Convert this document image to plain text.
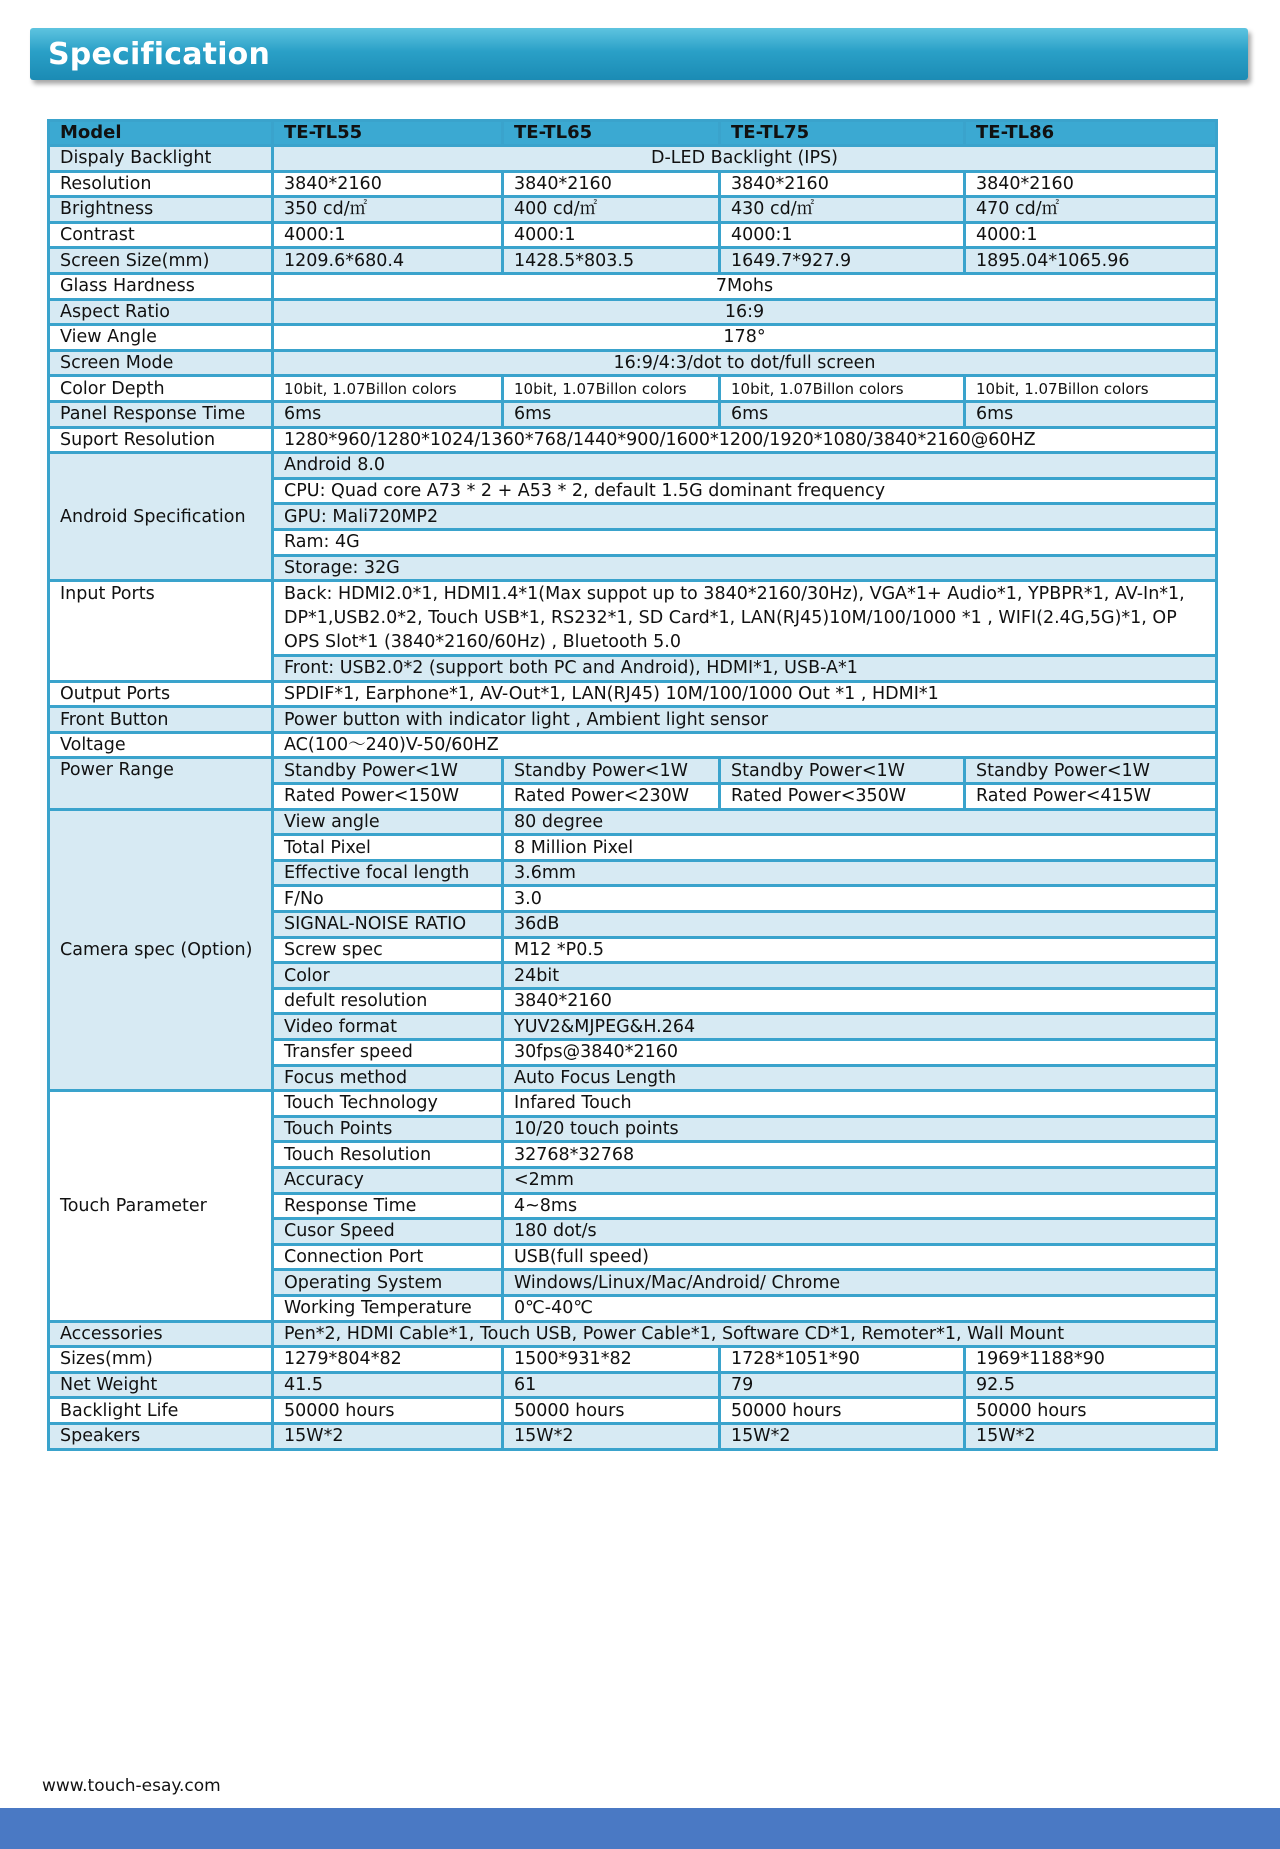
Specification
Model	TE-TL55	TE-TL65	TE-TL75	TE-TL86
Dispaly Backlight	D-LED Backlight (IPS)			
Resolution	3840*2160	3840*2160	3840*2160	3840*2160
Brightness	350 cd/㎡	400 cd/㎡	430 cd/㎡	470 cd/㎡
Contrast	4000:1	4000:1	4000:1	4000:1
Screen Size(mm)	1209.6*680.4	1428.5*803.5	1649.7*927.9	1895.04*1065.96
Glass Hardness	7Mohs			
Aspect Ratio	16:9			
View Angle	178°			
Screen Mode	16:9/4:3/dot to dot/full screen			
Color Depth	10bit, 1.07Billon colors	10bit, 1.07Billon colors	10bit, 1.07Billon colors	10bit, 1.07Billon colors
Panel Response Time	6ms	6ms	6ms	6ms
Suport Resolution	1280*960/1280*1024/1360*768/1440*900/1600*1200/1920*1080/3840*2160@60HZ			
Android Specification	Android 8.0			
	CPU: Quad core A73 * 2 + A53 * 2, default 1.5G dominant frequency			
	GPU: Mali720MP2			
	Ram: 4G			
	Storage: 32G			
Input Ports	Back: HDMI2.0*1, HDMI1.4*1(Max suppot up to 3840*2160/30Hz), VGA*1+ Audio*1, YPBPR*1, AV-In*1, DP*1,USB2.0*2, Touch USB*1, RS232*1, SD Card*1, LAN(RJ45)10M/100/1000 *1 , WIFI(2.4G,5G)*1, OP OPS Slot*1 (3840*2160/60Hz) , Bluetooth 5.0			
	Front: USB2.0*2 (support both PC and Android), HDMI*1, USB-A*1			
Output Ports	SPDIF*1, Earphone*1, AV-Out*1, LAN(RJ45) 10M/100/1000 Out *1 , HDMI*1			
Front Button	Power button with indicator light , Ambient light sensor			
Voltage	AC(100～240)V-50/60HZ			
Power Range	Standby Power<1W	Standby Power<1W	Standby Power<1W	Standby Power<1W
	Rated Power<150W	Rated Power<230W	Rated Power<350W	Rated Power<415W
Camera spec (Option)	View angle	80 degree		
	Total Pixel	8 Million Pixel		
	Effective focal length	3.6mm		
	F/No	3.0		
	SIGNAL-NOISE RATIO	36dB		
	Screw spec	M12 *P0.5		
	Color	24bit		
	defult resolution	3840*2160		
	Video format	YUV2&MJPEG&H.264		
	Transfer speed	30fps@3840*2160		
	Focus method	Auto Focus Length		
Touch Parameter	Touch Technology	Infared Touch		
	Touch Points	10/20 touch points		
	Touch Resolution	32768*32768		
	Accuracy	<2mm		
	Response Time	4~8ms		
	Cusor Speed	180 dot/s		
	Connection Port	USB(full speed)		
	Operating System	Windows/Linux/Mac/Android/ Chrome		
	Working Temperature	0℃-40℃		
Accessories	Pen*2, HDMI Cable*1, Touch USB, Power Cable*1, Software CD*1, Remoter*1, Wall Mount			
Sizes(mm)	1279*804*82	1500*931*82	1728*1051*90	1969*1188*90
Net Weight	41.5	61	79	92.5
Backlight Life	50000 hours	50000 hours	50000 hours	50000 hours
Speakers	15W*2	15W*2	15W*2	15W*2
www.touch-esay.com
